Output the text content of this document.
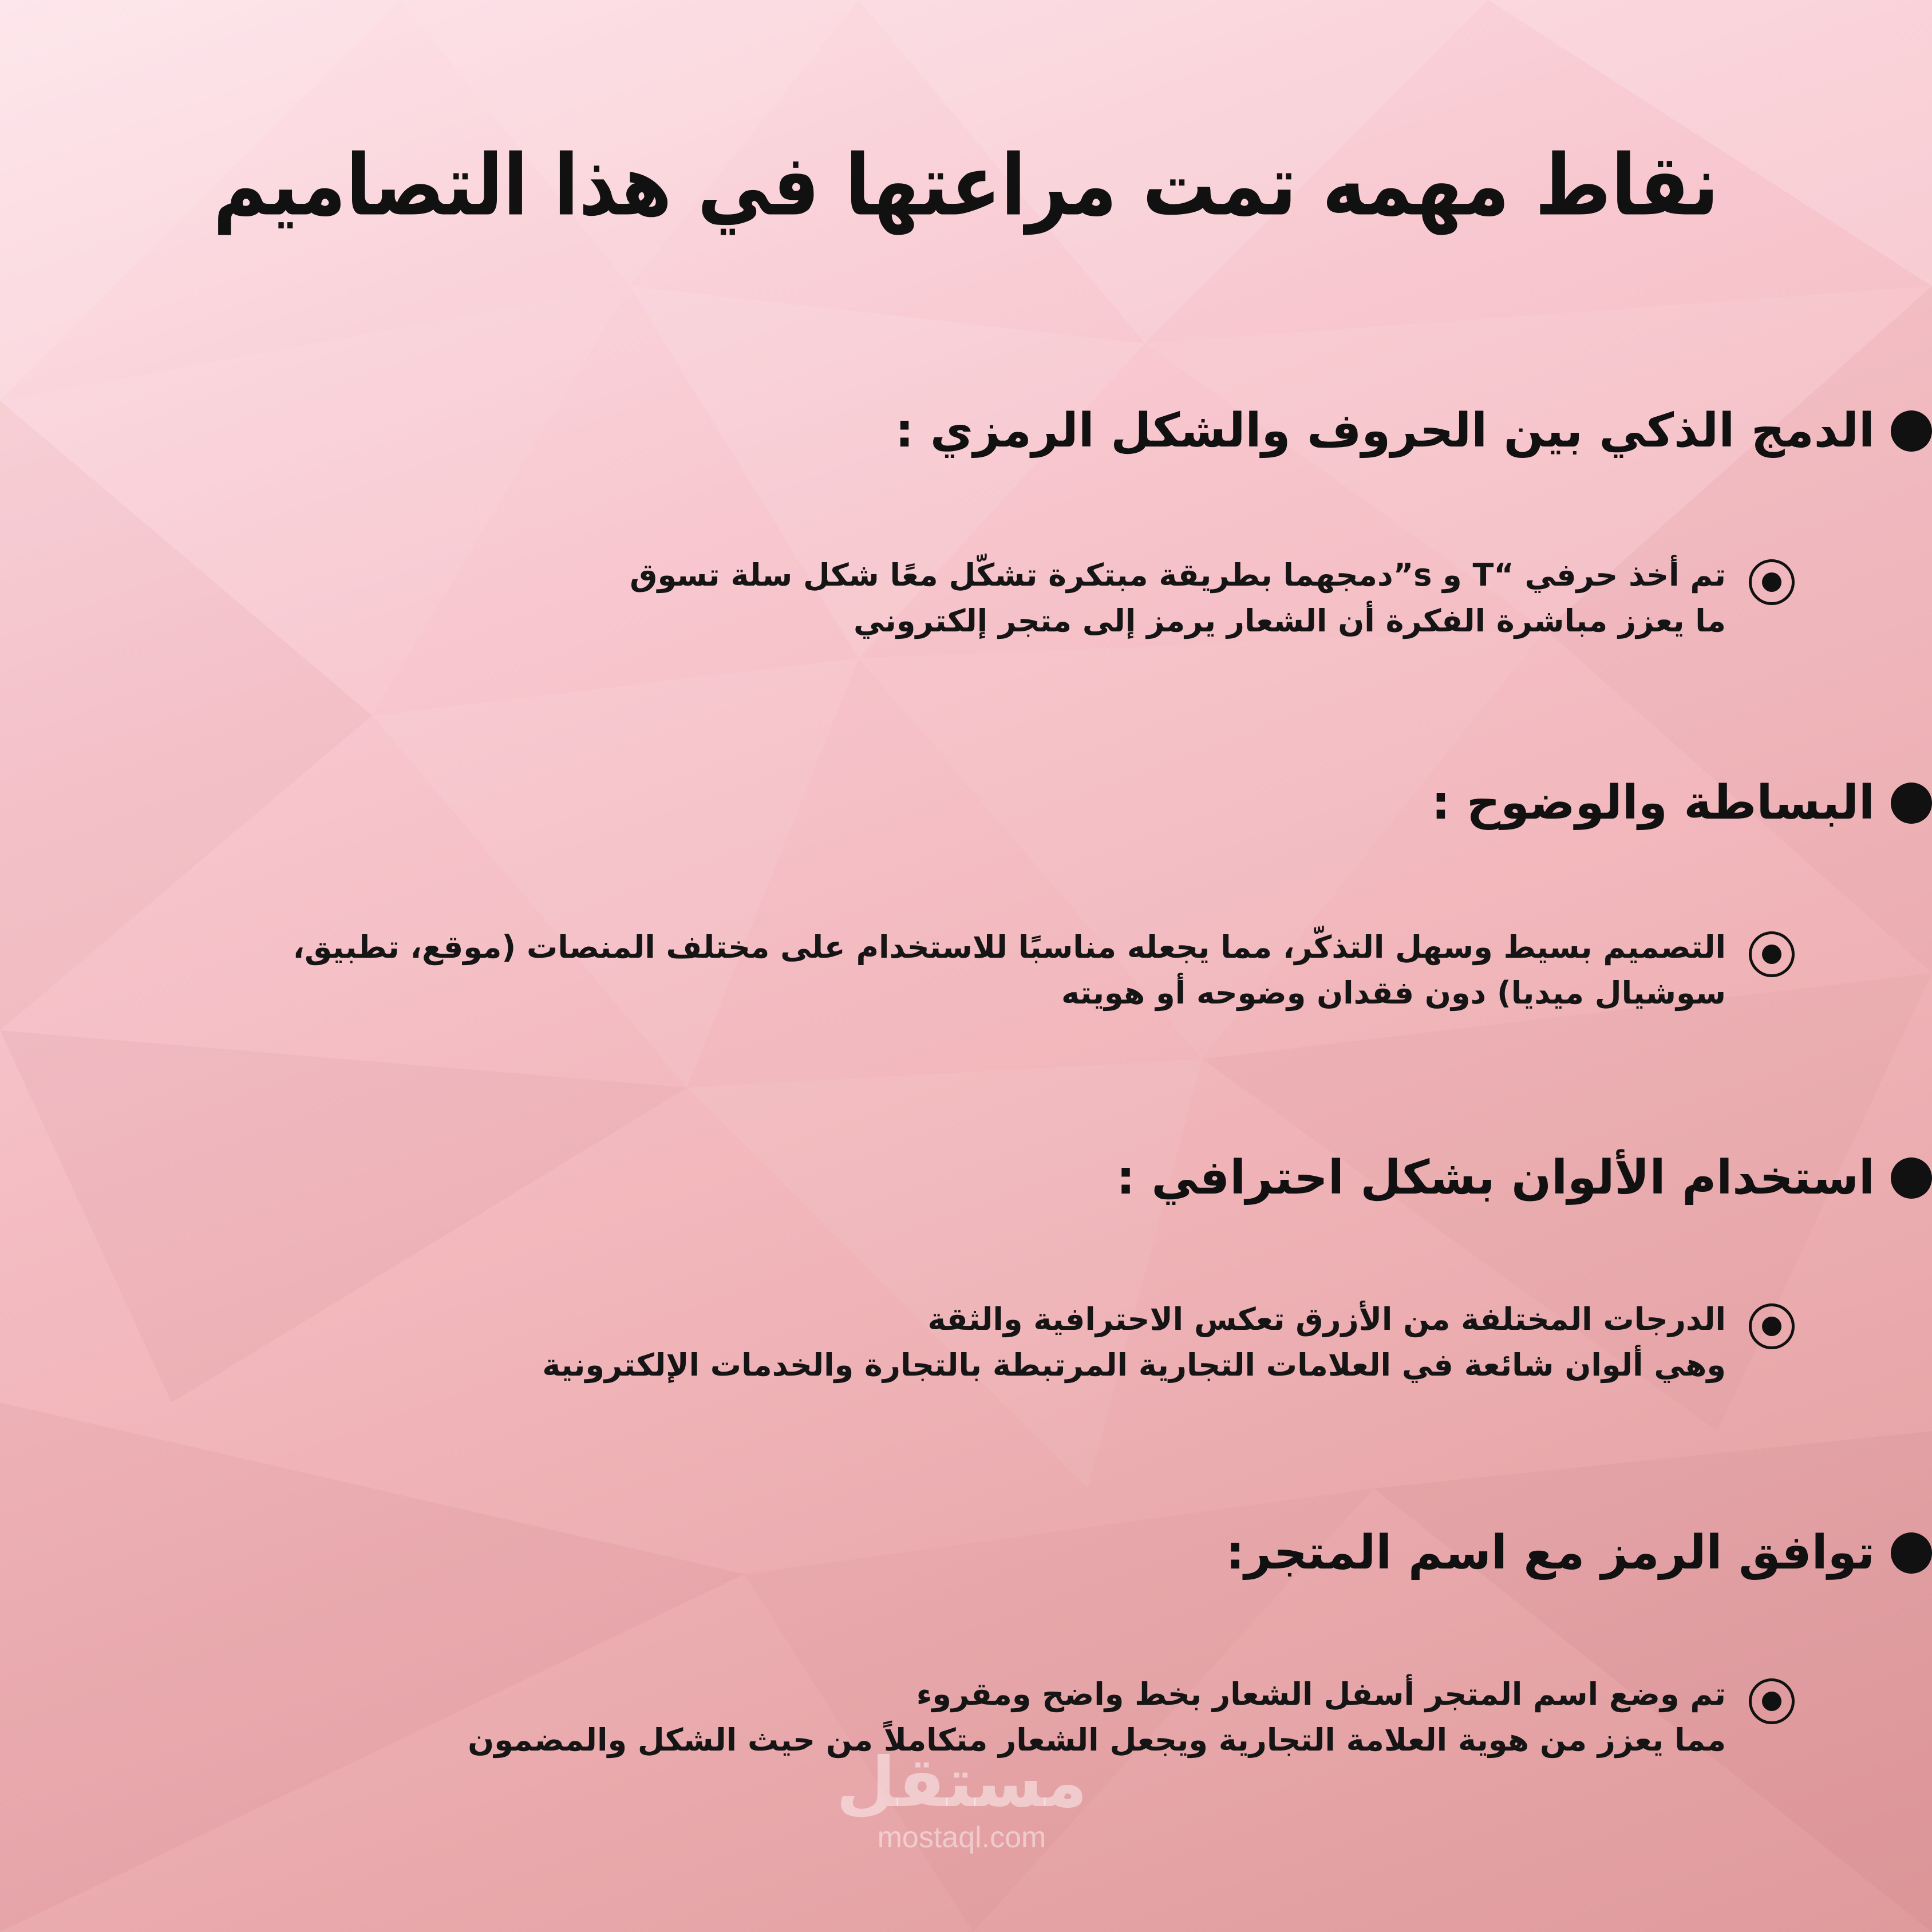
نقاط مهمه تمت مراعتها في هذا التصاميم
الدمج الذكي بين الحروف والشكل الرمزي :
تم أخذ حرفي “T و s”دمجهما بطريقة مبتكرة تشكّل معًا شكل سلة تسوق
ما يعزز مباشرة الفكرة أن الشعار يرمز إلى متجر إلكتروني
البساطة والوضوح :
التصميم بسيط وسهل التذكّر، مما يجعله مناسبًا للاستخدام على مختلف المنصات (موقع، تطبيق،
سوشيال ميديا) دون فقدان وضوحه أو هويته
استخدام الألوان بشكل احترافي :
الدرجات المختلفة من الأزرق تعكس الاحترافية والثقة
وهي ألوان شائعة في العلامات التجارية المرتبطة بالتجارة والخدمات الإلكترونية
توافق الرمز مع اسم المتجر:
تم وضع اسم المتجر أسفل الشعار بخط واضح ومقروء
مما يعزز من هوية العلامة التجارية ويجعل الشعار متكاملاً من حيث الشكل والمضمون
مستقل
mostaql.com
